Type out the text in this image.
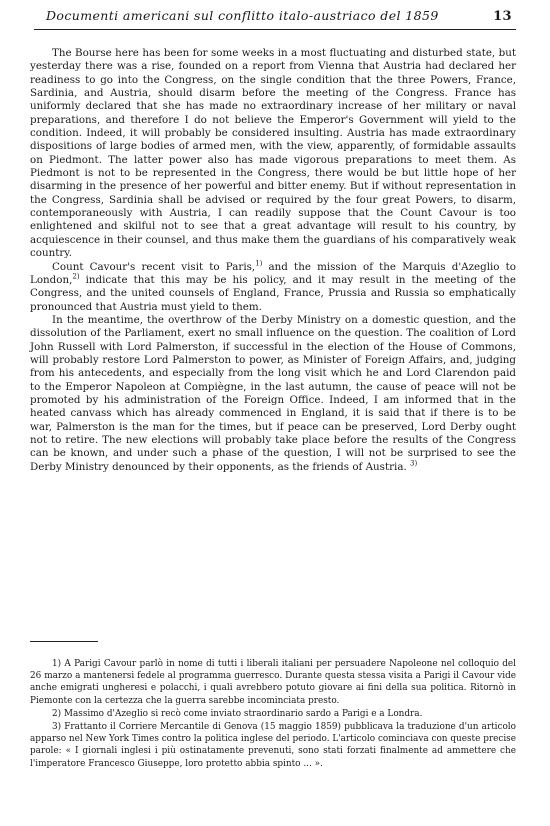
Documenti americani sul conflitto italo-austriaco del 1859	13

The Bourse here has been for some weeks in a most fluctuating and disturbed state, but yesterday there was a rise, founded on a report from Vienna that Austria had declared her readiness to go into the Congress, on the single condition that the three Powers, France, Sardinia, and Austria, should disarm before the meeting of the Congress. France has uniformly declared that she has made no extraordinary increase of her military or naval preparations, and therefore I do not believe the Emperor's Government will yield to the condition. Indeed, it will probably be considered insulting. Austria has made extraordinary dispositions of large bodies of armed men, with the view, apparently, of formidable assaults on Piedmont. The latter power also has made vigorous preparations to meet them. As Piedmont is not to be represented in the Congress, there would be but little hope of her disarming in the presence of her powerful and bitter enemy. But if without representation in the Congress, Sardinia shall be advised or required by the four great Powers, to disarm, contemporaneously with Austria, I can readily suppose that the Count Cavour is too enlightened and skilful not to see that a great advantage will result to his country, by acquiescence in their counsel, and thus make them the guardians of his comparatively weak country.

Count Cavour's recent visit to Paris,$^{1)}$ and the mission of the Marquis d'Azeglio to London,$^{2)}$ indicate that this may be his policy, and it may result in the meeting of the Congress, and the united counsels of England, France, Prussia and Russia so emphatically pronounced that Austria must yield to them.

In the meantime, the overthrow of the Derby Ministry on a domestic question, and the dissolution of the Parliament, exert no small influence on the question. The coalition of Lord John Russell with Lord Palmerston, if successful in the election of the House of Commons, will probably restore Lord Palmerston to power, as Minister of Foreign Affairs, and, judging from his antecedents, and especially from the long visit which he and Lord Clarendon paid to the Emperor Napoleon at Compiègne, in the last autumn, the cause of peace will not be promoted by his administration of the Foreign Office. Indeed, I am informed that in the heated canvass which has already commenced in England, it is said that if there is to be war, Palmerston is the man for the times, but if peace can be preserved, Lord Derby ought not to retire. The new elections will probably take place before the results of the Congress can be known, and under such a phase of the question, I will not be surprised to see the Derby Ministry denounced by their opponents, as the friends of Austria. $^{3)}$

1) A Parigi Cavour parlò in nome di tutti i liberali italiani per persuadere Napoleone nel colloquio del 26 marzo a mantenersi fedele al programma guerresco. Durante questa stessa visita a Parigi il Cavour vide anche emigrati ungheresi e polacchi, i quali avrebbero potuto giovare ai fini della sua politica. Ritornò in Piemonte con la certezza che la guerra sarebbe incominciata presto.

2) Massimo d'Azeglio si recò come inviato straordinario sardo a Parigi e a Londra.

3) Frattanto il Corriere Mercantile di Genova (15 maggio 1859) pubblicava la traduzione d'un articolo apparso nel New York Times contro la politica inglese del periodo. L'articolo cominciava con queste precise parole: « I giornali inglesi i più ostinatamente prevenuti, sono stati forzati finalmente ad ammettere che l'imperatore Francesco Giuseppe, loro protetto abbia spinto ... ».
